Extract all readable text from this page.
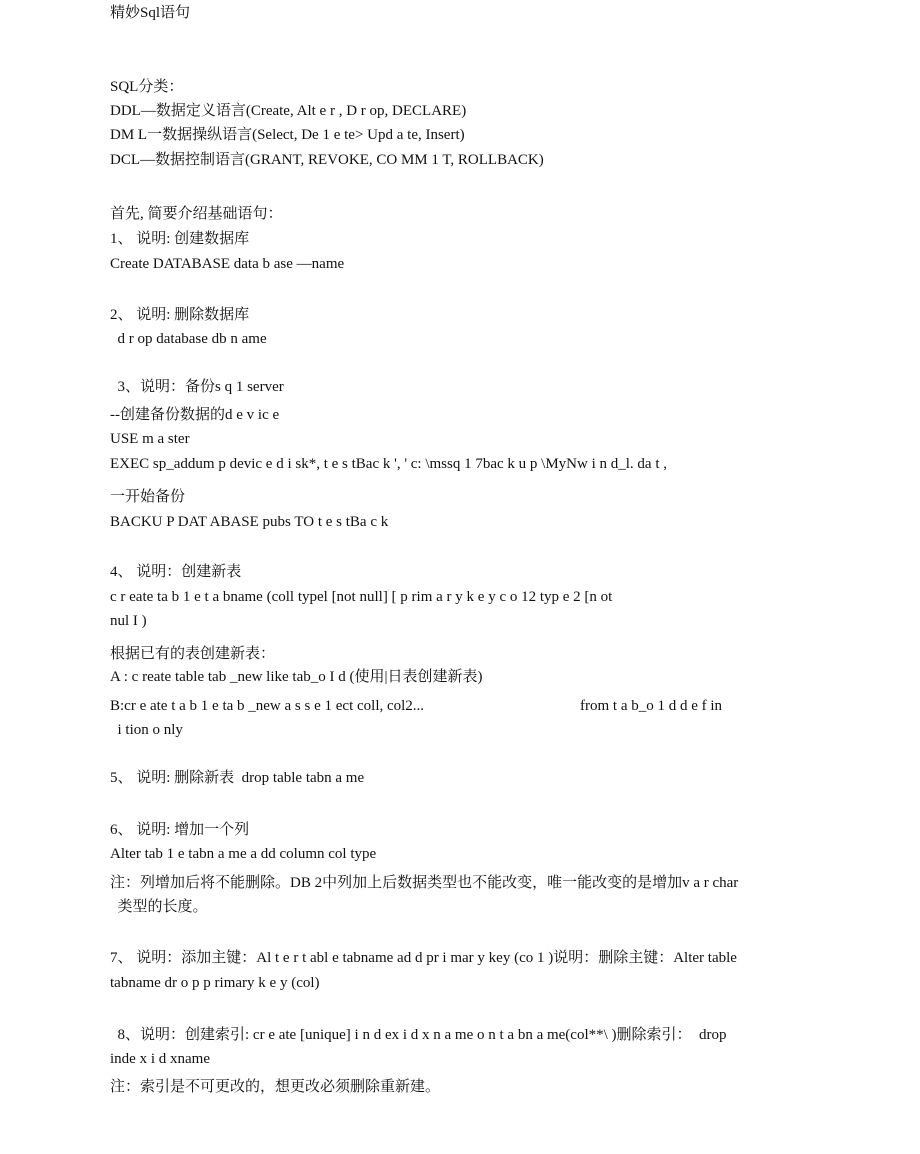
精妙Sql语句
SQL分类：
DDL—数据定义语言(Create, Alt e r , D r op, DECLARE)
DM L一数据操纵语言(Select, De 1 e te> Upd a te, Insert)
DCL—数据控制语言(GRANT, REVOKE, CO MM 1 T, ROLLBACK)
首先, 简要介绍基础语句：
1、 说明: 创建数据库
Create DATABASE data b ase —name
2、 说明: 删除数据库
d r op database db n ame
3、说明：备份s q 1 server
--创建备份数据的d e v ic e
USE m a ster
EXEC sp_addum p devic e d i sk*, t e s tBac k ', ' c: \mssq 1 7bac k u p \MyNw i n d_l. da t ,
一开始备份
BACKU P DAT ABASE pubs TO t e s tBa c k
4、 说明：创建新表
c r eate ta b 1 e t a bname (coll typel [not null] [ p rim a r y k e y c o 12 typ e 2 [n ot
nul I )
根据已有的表创建新表：
A : c reate table tab _new like tab_o I d (使用|日表创建新表)
B:cr e ate t a b 1 e ta b _new a s s e 1 ect coll, col2...	from t a b_o 1 d d e f in
i tion o nly
5、 说明: 删除新表  drop table tabn a me
6、 说明: 增加一个列
Alter tab 1 e tabn a me a dd column col type
注：列增加后将不能删除。DB 2中列加上后数据类型也不能改变，唯一能改变的是增加v a r char
类型的长度。
7、 说明：添加主键：Al t e r t abl e tabname ad d pr i mar y key (co 1 )说明：删除主键：Alter table
tabname dr o p p rimary k e y (col)
8、说明：创建索引: cr e ate [unique] i n d ex i d x n a me o n t a bn a me(col**\ )删除索引：  drop
inde x i d xname
注：索引是不可更改的，想更改必须删除重新建。
